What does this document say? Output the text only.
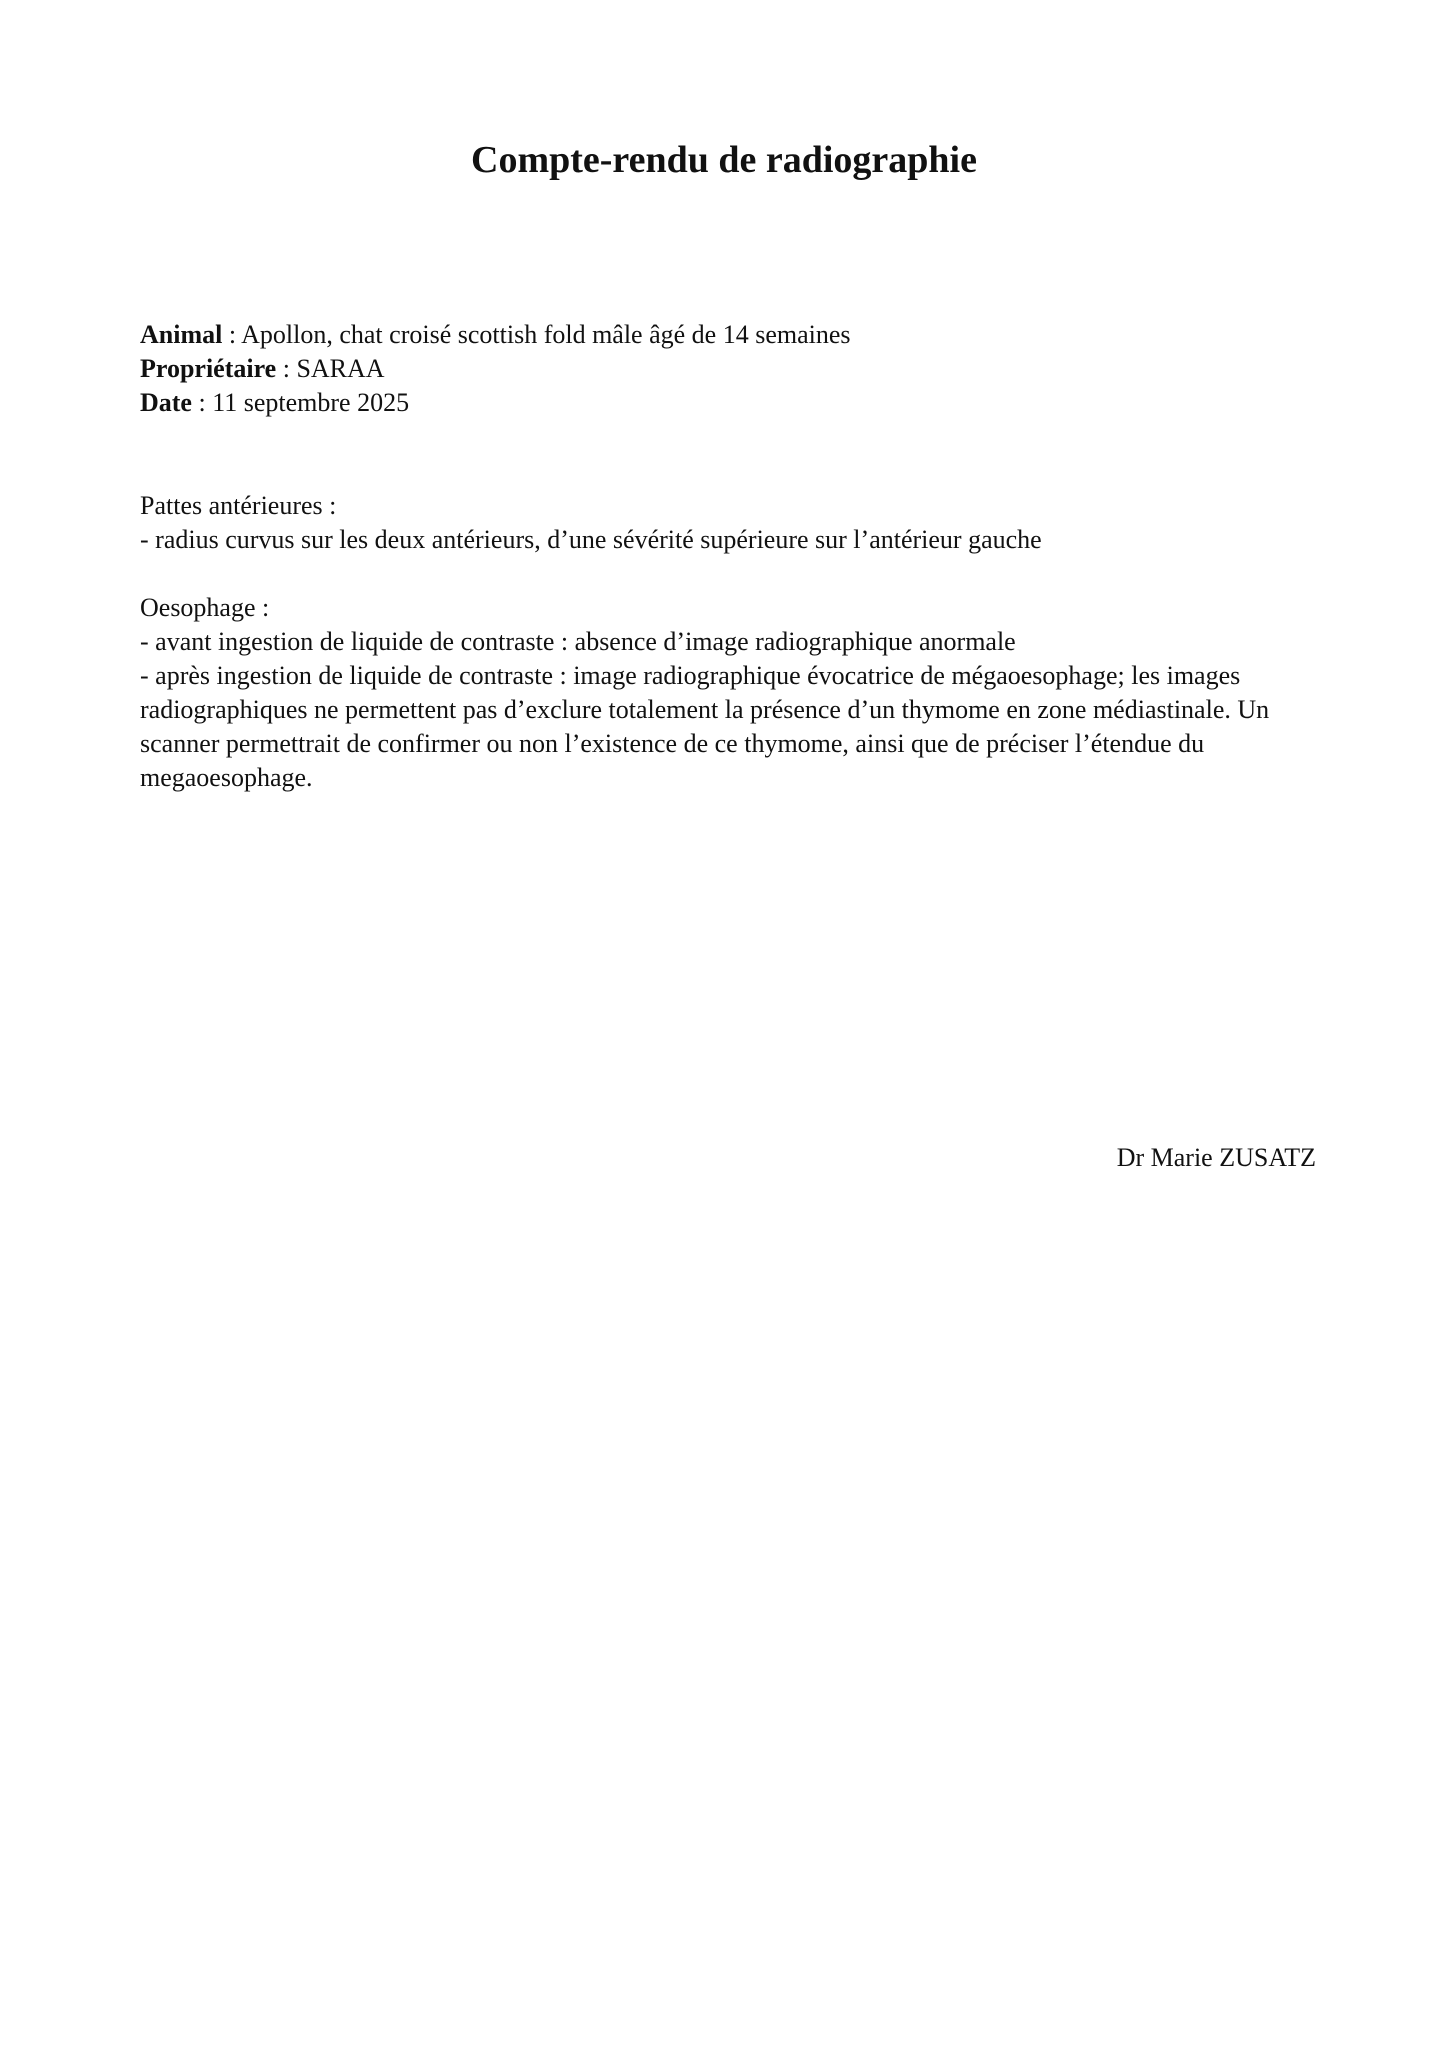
Compte-rendu de radiographie
Animal : Apollon, chat croisé scottish fold mâle âgé de 14 semaines
Propriétaire : SARAA
Date : 11 septembre 2025

Pattes antérieures :

- radius curvus sur les deux antérieurs, d’une sévérité supérieure sur l’antérieur gauche

Oesophage :

- avant ingestion de liquide de contraste : absence d’image radiographique anormale

- après ingestion de liquide de contraste : image radiographique évocatrice de mégaoesophage; les images radiographiques ne permettent pas d’exclure totalement la présence d’un thymome en zone médiastinale. Un scanner permettrait de confirmer ou non l’existence de ce thymome, ainsi que de préciser l’étendue du megaoesophage.

Dr Marie ZUSATZ
